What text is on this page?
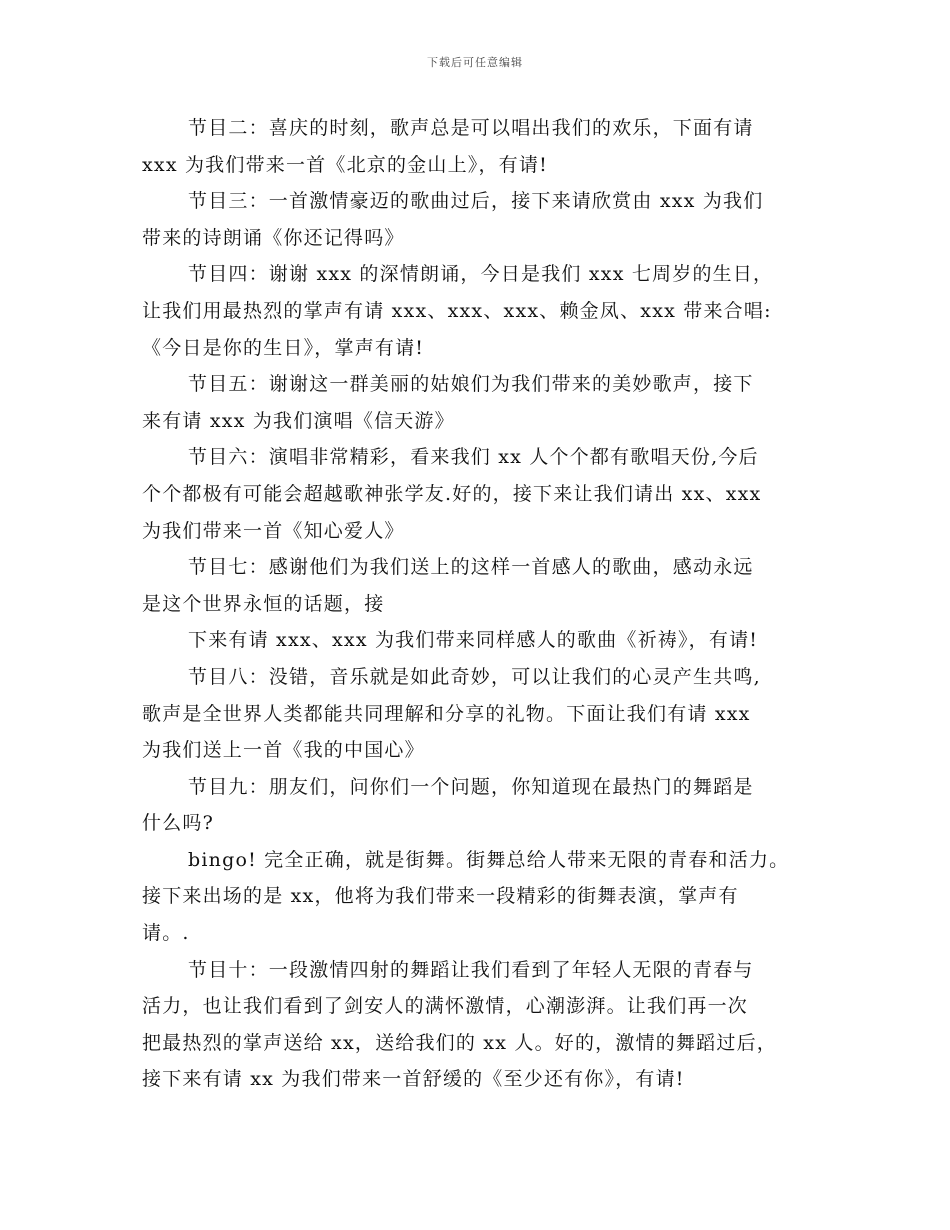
下载后可任意编辑
节目二：喜庆的时刻，歌声总是可以唱出我们的欢乐，下面有请
xxx 为我们带来一首《北京的金山上》，有请!
节目三：一首激情豪迈的歌曲过后，接下来请欣赏由 xxx 为我们
带来的诗朗诵《你还记得吗》
节目四：谢谢 xxx 的深情朗诵，今日是我们 xxx 七周岁的生日，
让我们用最热烈的掌声有请 xxx、xxx、xxx、赖金凤、xxx 带来合唱:
《今日是你的生日》，掌声有请!
节目五：谢谢这一群美丽的姑娘们为我们带来的美妙歌声，接下
来有请 xxx 为我们演唱《信天游》
节目六：演唱非常精彩，看来我们 xx 人个个都有歌唱天份,今后
个个都极有可能会超越歌神张学友.好的，接下来让我们请出 xx、xxx
为我们带来一首《知心爱人》
节目七：感谢他们为我们送上的这样一首感人的歌曲，感动永远
是这个世界永恒的话题，接
下来有请 xxx、xxx 为我们带来同样感人的歌曲《祈祷》，有请!
节目八：没错，音乐就是如此奇妙，可以让我们的心灵产生共鸣,
歌声是全世界人类都能共同理解和分享的礼物。下面让我们有请 xxx
为我们送上一首《我的中国心》
节目九：朋友们，问你们一个问题，你知道现在最热门的舞蹈是
什么吗?
bingo! 完全正确，就是街舞。街舞总给人带来无限的青春和活力。
接下来出场的是 xx，他将为我们带来一段精彩的街舞表演，掌声有
请。.
节目十：一段激情四射的舞蹈让我们看到了年轻人无限的青春与
活力，也让我们看到了剑安人的满怀激情，心潮澎湃。让我们再一次
把最热烈的掌声送给 xx，送给我们的 xx 人。好的，激情的舞蹈过后，
接下来有请 xx 为我们带来一首舒缓的《至少还有你》，有请!
